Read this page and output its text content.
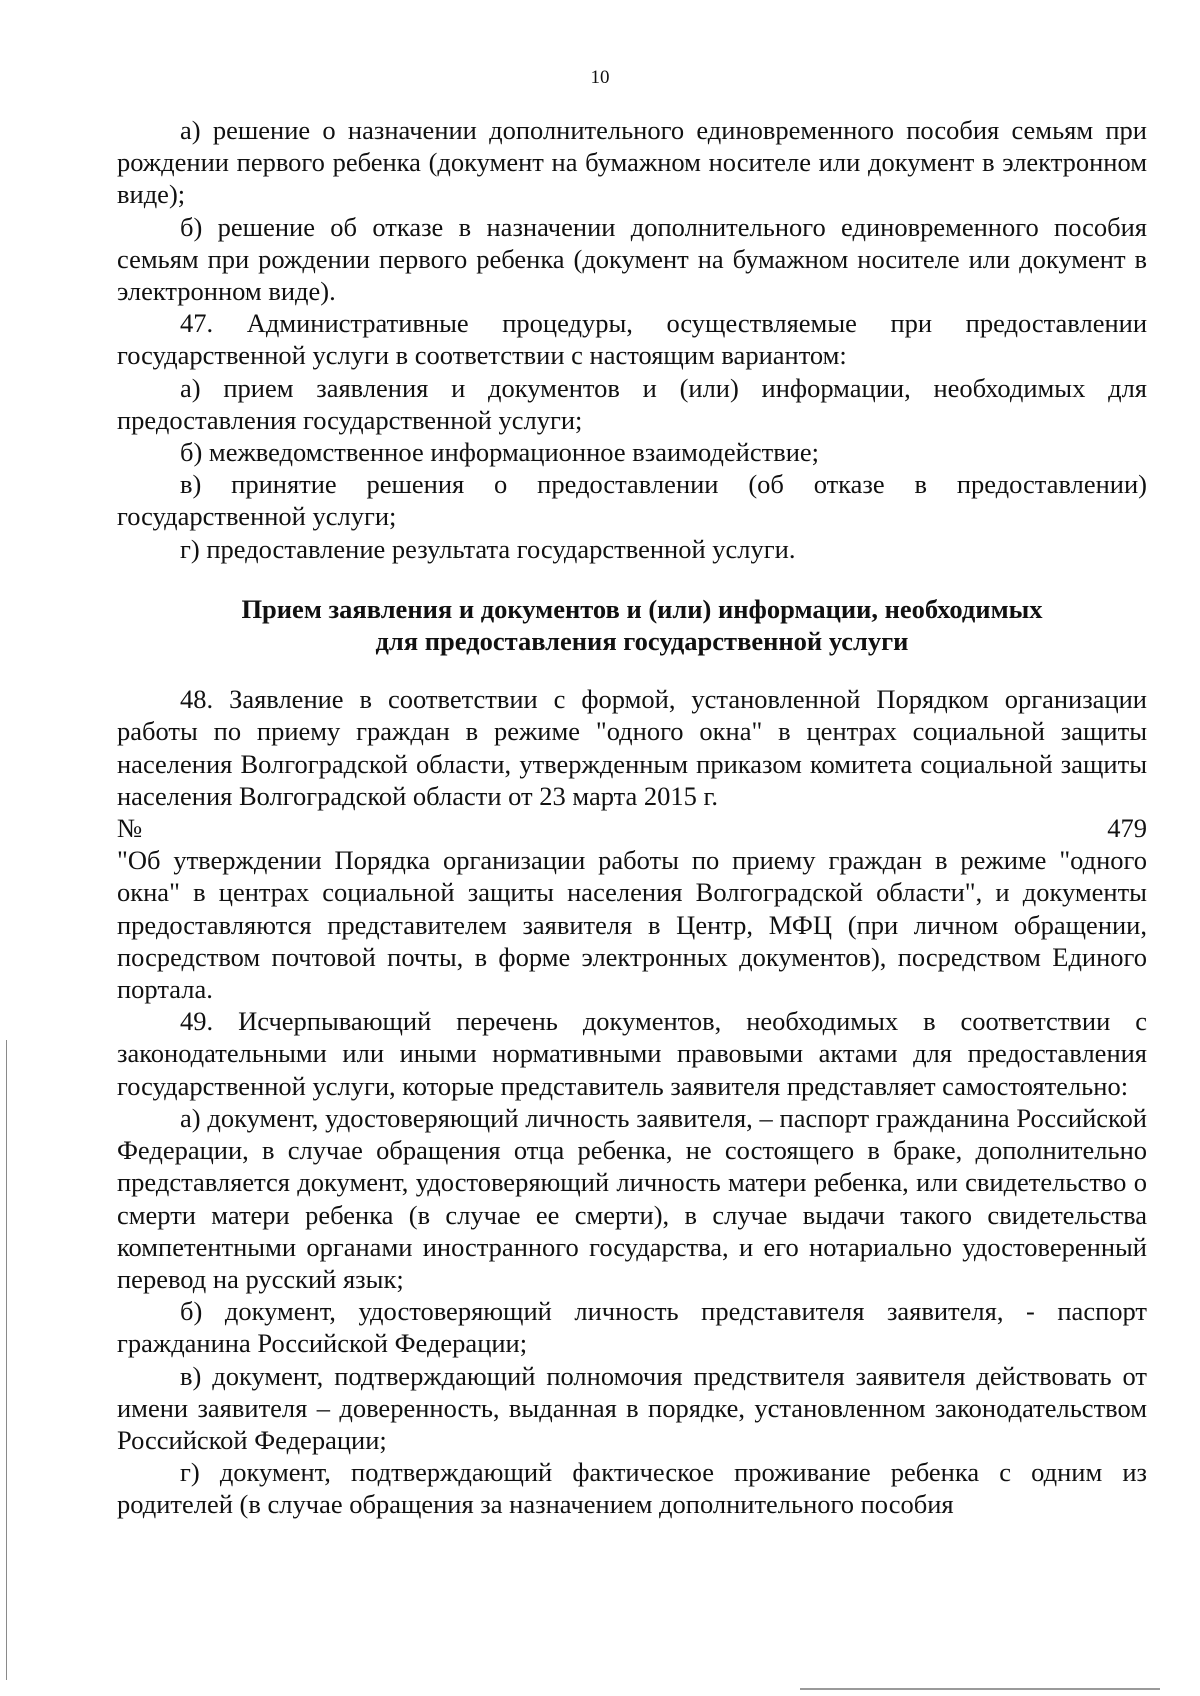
10

а) решение о назначении дополнительного единовременного пособия семьям при рождении первого ребенка (документ на бумажном носителе или документ в электронном виде);

б) решение об отказе в назначении дополнительного единовременного пособия семьям при рождении первого ребенка (документ на бумажном носителе или документ в электронном виде).

47. Административные процедуры, осуществляемые при предоставлении государственной услуги в соответствии с настоящим вариантом:

а) прием заявления и документов и (или) информации, необходимых для предоставления государственной услуги;

б) межведомственное информационное взаимодействие;

в) принятие решения о предоставлении (об отказе в предоставлении) государственной услуги;

г) предоставление результата государственной услуги.

Прием заявления и документов и (или) информации, необходимых
для предоставления государственной услуги

48. Заявление в соответствии с формой, установленной Порядком организации работы по приему граждан в режиме "одного окна" в центрах социальной защиты населения Волгоградской области, утвержденным приказом комитета социальной защиты населения Волгоградской области от 23 марта 2015 г.

№	479

"Об утверждении Порядка организации работы по приему граждан в режиме "одного окна" в центрах социальной защиты населения Волгоградской области", и документы предоставляются представителем заявителя в Центр, МФЦ (при личном обращении, посредством почтовой почты, в форме электронных документов), посредством Единого портала.

49. Исчерпывающий перечень документов, необходимых в соответствии с законодательными или иными нормативными правовыми актами для предоставления государственной услуги, которые представитель заявителя представляет самостоятельно:

а) документ, удостоверяющий личность заявителя, – паспорт гражданина Российской Федерации, в случае обращения отца ребенка, не состоящего в браке, дополнительно представляется документ, удостоверяющий личность матери ребенка, или свидетельство о смерти матери ребенка (в случае ее смерти), в случае выдачи такого свидетельства компетентными органами иностранного государства, и его нотариально удостоверенный перевод на русский язык;

б) документ, удостоверяющий личность представителя заявителя, - паспорт гражданина Российской Федерации;

в) документ, подтверждающий полномочия предствителя заявителя действовать от имени заявителя – доверенность, выданная в порядке, установленном законодательством Российской Федерации;

г) документ, подтверждающий фактическое проживание ребенка с одним из родителей (в случае обращения за назначением дополнительного пособия
